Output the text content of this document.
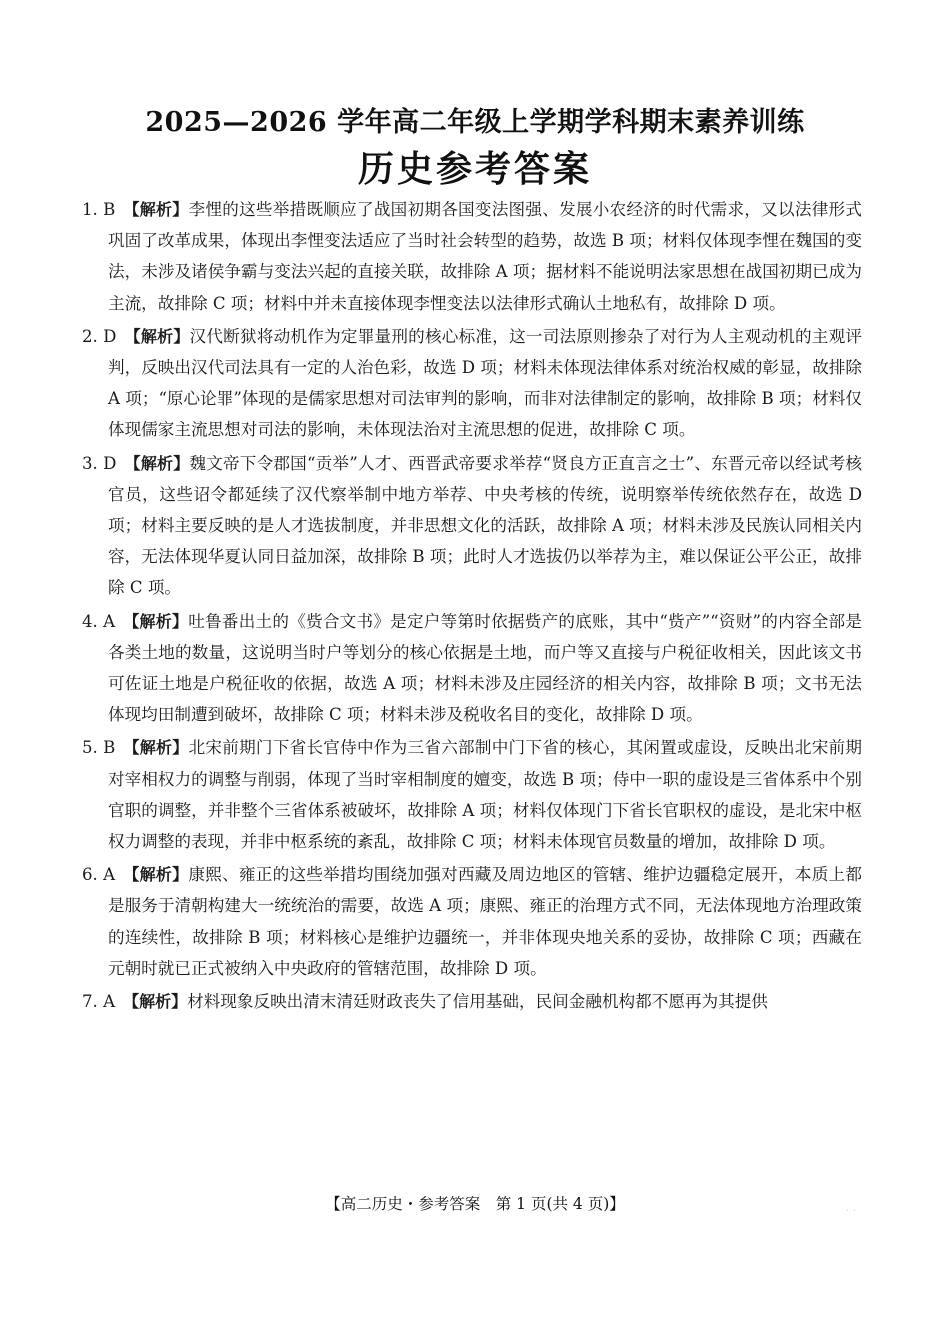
2025—2026 学年高二年级上学期学科期末素养训练
历史参考答案
1. B 【解析】李悝的这些举措既顺应了战国初期各国变法图强、发展小农经济的时代需求，又以法律形式巩固了改革成果，体现出李悝变法适应了当时社会转型的趋势，故选 B 项；材料仅体现李悝在魏国的变法，未涉及诸侯争霸与变法兴起的直接关联，故排除 A 项；据材料不能说明法家思想在战国初期已成为主流，故排除 C 项；材料中并未直接体现李悝变法以法律形式确认土地私有，故排除 D 项。
2. D 【解析】汉代断狱将动机作为定罪量刑的核心标准，这一司法原则掺杂了对行为人主观动机的主观评判，反映出汉代司法具有一定的人治色彩，故选 D 项；材料未体现法律体系对统治权威的彰显，故排除 A 项；“原心论罪”体现的是儒家思想对司法审判的影响，而非对法律制定的影响，故排除 B 项；材料仅体现儒家主流思想对司法的影响，未体现法治对主流思想的促进，故排除 C 项。
3. D 【解析】魏文帝下令郡国“贡举”人才、西晋武帝要求举荐“贤良方正直言之士”、东晋元帝以经试考核官员，这些诏令都延续了汉代察举制中地方举荐、中央考核的传统，说明察举传统依然存在，故选 D 项；材料主要反映的是人才选拔制度，并非思想文化的活跃，故排除 A 项；材料未涉及民族认同相关内容，无法体现华夏认同日益加深，故排除 B 项；此时人才选拔仍以举荐为主，难以保证公平公正，故排除 C 项。
4. A 【解析】吐鲁番出土的《赀合文书》是定户等第时依据赀产的底账，其中“赀产”“资财”的内容全部是各类土地的数量，这说明当时户等划分的核心依据是土地，而户等又直接与户税征收相关，因此该文书可佐证土地是户税征收的依据，故选 A 项；材料未涉及庄园经济的相关内容，故排除 B 项；文书无法体现均田制遭到破坏，故排除 C 项；材料未涉及税收名目的变化，故排除 D 项。
5. B 【解析】北宋前期门下省长官侍中作为三省六部制中门下省的核心，其闲置或虚设，反映出北宋前期对宰相权力的调整与削弱，体现了当时宰相制度的嬗变，故选 B 项；侍中一职的虚设是三省体系中个别官职的调整，并非整个三省体系被破坏，故排除 A 项；材料仅体现门下省长官职权的虚设，是北宋中枢权力调整的表现，并非中枢系统的紊乱，故排除 C 项；材料未体现官员数量的增加，故排除 D 项。
6. A 【解析】康熙、雍正的这些举措均围绕加强对西藏及周边地区的管辖、维护边疆稳定展开，本质上都是服务于清朝构建大一统统治的需要，故选 A 项；康熙、雍正的治理方式不同，无法体现地方治理政策的连续性，故排除 B 项；材料核心是维护边疆统一，并非体现央地关系的妥协，故排除 C 项；西藏在元朝时就已正式被纳入中央政府的管辖范围，故排除 D 项。
7. A 【解析】材料现象反映出清末清廷财政丧失了信用基础，民间金融机构都不愿再为其提供
【高二历史・参考答案　第 1 页(共 4 页)】	· ·
